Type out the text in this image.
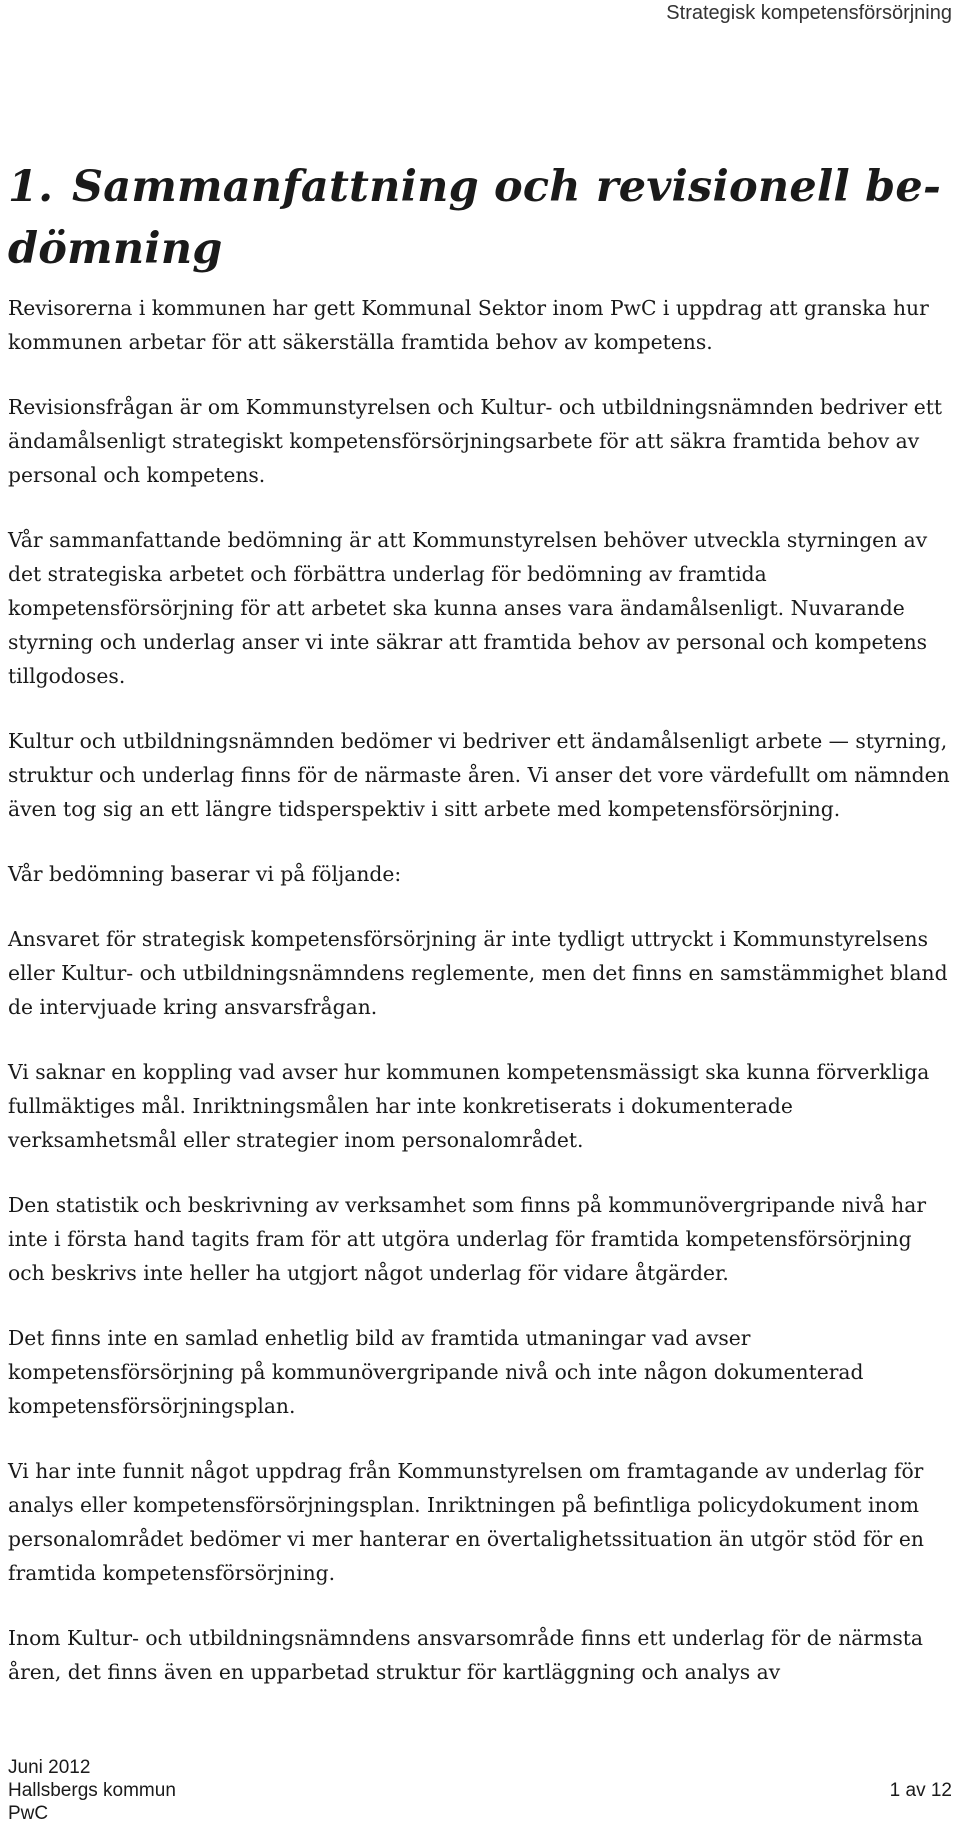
Strategisk kompetensförsörjning
1. Sammanfattning och revisionell be-dömning

Revisorerna i kommunen har gett Kommunal Sektor inom PwC i uppdrag att granska hur kommunen arbetar för att säkerställa framtida behov av kompetens.

Revisionsfrågan är om Kommunstyrelsen och Kultur- och utbildningsnämnden bedriver ett ändamålsenligt strategiskt kompetensförsörjningsarbete för att säkra framtida behov av personal och kompetens.

Vår sammanfattande bedömning är att Kommunstyrelsen behöver utveckla styrningen av det strategiska arbetet och förbättra underlag för bedömning av framtida kompetensförsörjning för att arbetet ska kunna anses vara ändamålsenligt. Nuvarande styrning och underlag anser vi inte säkrar att framtida behov av personal och kompetens tillgodoses.

Kultur och utbildningsnämnden bedömer vi bedriver ett ändamålsenligt arbete — styrning, struktur och underlag finns för de närmaste åren. Vi anser det vore värdefullt om nämnden även tog sig an ett längre tidsperspektiv i sitt arbete med kompetensförsörjning.

Vår bedömning baserar vi på följande:

Ansvaret för strategisk kompetensförsörjning är inte tydligt uttryckt i Kommunstyrelsens eller Kultur- och utbildningsnämndens reglemente, men det finns en samstämmighet bland de intervjuade kring ansvarsfrågan.

Vi saknar en koppling vad avser hur kommunen kompetensmässigt ska kunna förverkliga fullmäktiges mål. Inriktningsmålen har inte konkretiserats i dokumenterade verksamhetsmål eller strategier inom personalområdet.

Den statistik och beskrivning av verksamhet som finns på kommunövergripande nivå har inte i första hand tagits fram för att utgöra underlag för framtida kompetensförsörjning och beskrivs inte heller ha utgjort något underlag för vidare åtgärder.

Det finns inte en samlad enhetlig bild av framtida utmaningar vad avser kompetensförsörjning på kommunövergripande nivå och inte någon dokumenterad kompetensförsörjningsplan.

Vi har inte funnit något uppdrag från Kommunstyrelsen om framtagande av underlag för analys eller kompetensförsörjningsplan. Inriktningen på befintliga policydokument inom personalområdet bedömer vi mer hanterar en övertalighetssituation än utgör stöd för en framtida kompetensförsörjning.

Inom Kultur- och utbildningsnämndens ansvarsområde finns ett underlag för de närmsta åren, det finns även en upparbetad struktur för kartläggning och analys av

Juni 2012
Hallsbergs kommun
PwC
1 av 12
